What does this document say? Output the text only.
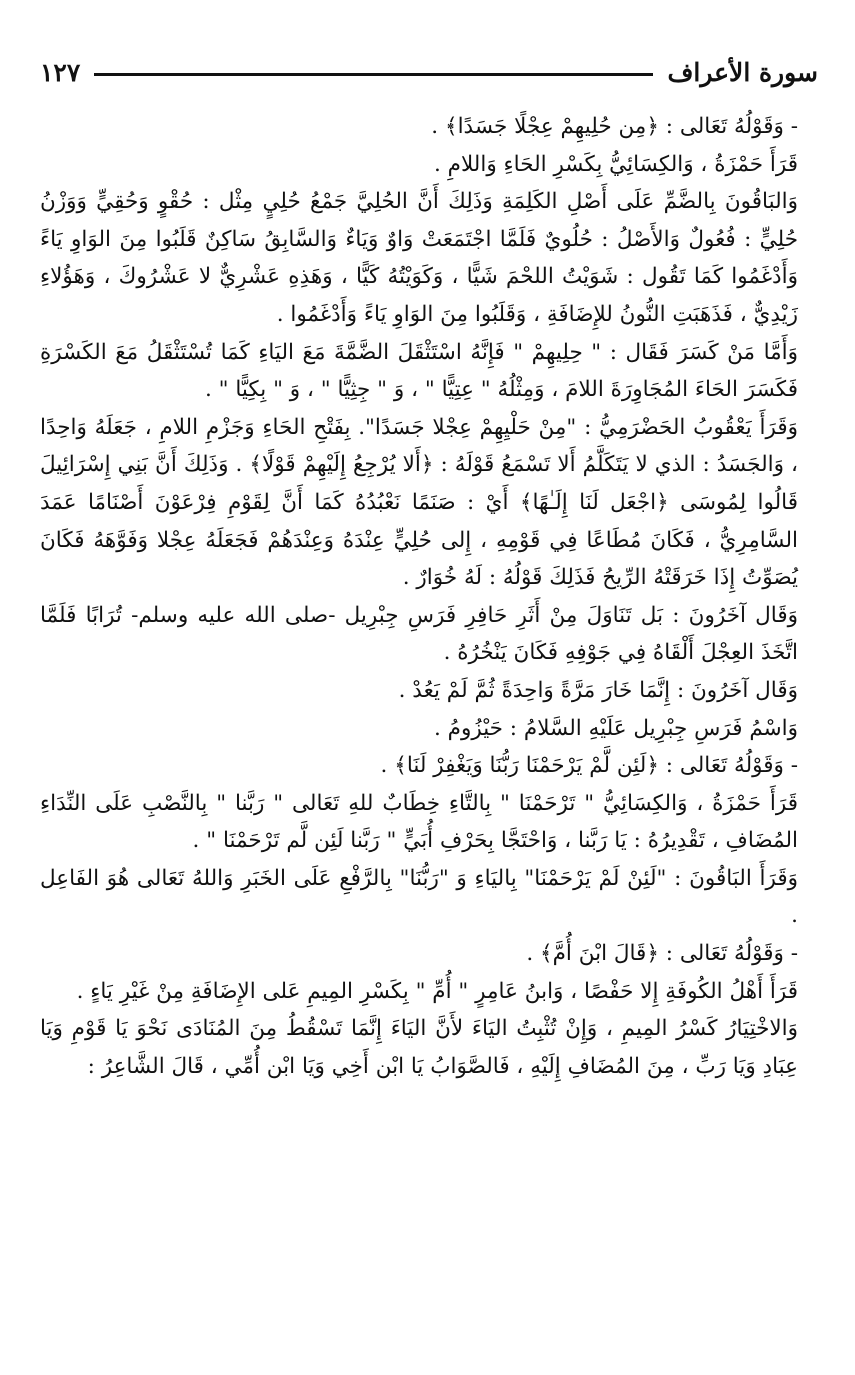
سورة الأعراف
١٢٧

- وَقَوْلُهُ تَعَالى : ﴿مِن حُلِيهِمْ عِجْلًا جَسَدًا﴾ .

قَرَأَ حَمْزَةُ ، وَالكِسَائِيُّ بِكَسْرِ الحَاءِ وَاللامِ .

وَالبَاقُونَ بِالضَّمِّ عَلَى أَصْلِ الكَلِمَةِ وَذَلِكَ أَنَّ الحُلِيَّ جَمْعُ حُلِيٍ مِثْل : حُقْوٍ وَحُقِيٍّ وَوَزْنُ حُلِيٍّ : فُعُولٌ وَالأَصْلُ : حُلُويٌ فَلَمَّا اجْتَمَعَتْ وَاوٌ وَيَاءٌ وَالسَّابِقُ سَاكِنٌ قَلَبُوا مِنَ الوَاوِ يَاءً وَأَدْغَمُوا كَمَا تَقُول : شَوَيْتُ اللحْمَ شَيًّا ، وَكَوَيْتُهُ كَيًّا ، وَهَذِهِ عَشْرِيٌّ لا عَشْرُوكَ ، وَهَؤُلاءِ زَيْدِيٌّ ، فَذَهَبَتِ النُّونُ للإِضَافَةِ ، وَقَلَبُوا مِنَ الوَاوِ يَاءً وَأَدْغَمُوا .

وَأَمَّا مَنْ كَسَرَ فَقَال : " حِلِيهِمْ " فَإِنَّهُ اسْتَثْقَلَ الضَّمَّةَ مَعَ اليَاءِ كَمَا تُسْتَثْقَلُ مَعَ الكَسْرَةِ فَكَسَرَ الحَاءَ المُجَاوِرَةَ اللامَ ، وَمِثْلُهُ " عِتِيًّا " ، وَ " جِثِيًّا " ، وَ " بِكِيًّا " .

وَقَرَأَ يَعْقُوبُ الحَضْرَمِيُّ : "مِنْ حَلْيِهِمْ عِجْلا جَسَدًا". بِفَتْحِ الحَاءِ وَجَزْمِ اللامِ ، جَعَلَهُ وَاحِدًا ، وَالجَسَدُ : الذي لا يَتَكَلَّمُ أَلا تَسْمَعُ قَوْلَهُ : ﴿أَلا يُرْجِعُ إِلَيْهِمْ قَوْلًا﴾ . وَذَلِكَ أَنَّ بَنِي إِسْرَائِيلَ قَالُوا لِمُوسَى ﴿اجْعَل لَنَا إِلَـٰهًا﴾ أَيْ : صَنَمًا نَعْبُدُهُ كَمَا أَنَّ لِقَوْمِ فِرْعَوْنَ أَصْنَامًا عَمَدَ السَّامِرِيُّ ، فَكَانَ مُطَاعًا فِي قَوْمِهِ ، إِلى حُلِيٍّ عِنْدَهُ وَعِنْدَهُمْ فَجَعَلَهُ عِجْلا وَفَوَّهَهُ فَكَانَ يُصَوِّتُ إِذَا خَرَقَتْهُ الرِّيحُ فَذَلِكَ قَوْلُهُ : لَهُ خُوَارٌ .

وَقَال آخَرُونَ : بَل تَنَاوَلَ مِنْ أَثَرِ حَافِرِ فَرَسِ جِبْرِيل -صلى الله عليه وسلم- تُرَابًا فَلَمَّا اتَّخَذَ العِجْلَ أَلْقَاهُ فِي جَوْفِهِ فَكَانَ يَنْخُرُهُ .

وَقَال آخَرُونَ : إِنَّمَا خَارَ مَرَّةً وَاحِدَةً ثُمَّ لَمْ يَعُدْ .

وَاسْمُ فَرَسِ جِبْرِيل عَلَيْهِ السَّلامُ : حَيْزُومُ .

- وَقَوْلُهُ تَعَالى : ﴿لَئِن لَّمْ يَرْحَمْنَا رَبُّنَا وَيَغْفِرْ لَنَا﴾ .

قَرَأَ حَمْزَةُ ، وَالكِسَائِيُّ " تَرْحَمْنَا " بِالتَّاءِ خِطَابٌ للهِ تَعَالى " رَبَّنا " بِالنَّصْبِ عَلَى النِّدَاءِ المُضَافِ ، تَقْدِيرُهُ : يَا رَبَّنا ، وَاحْتَجَّا بِحَرْفِ أُبَيٍّ " رَبَّنا لَئِن لَّم تَرْحَمْنَا " .

وَقَرَأَ البَاقُونَ : "لَئِنْ لَمْ يَرْحَمْنَا" بِاليَاءِ وَ "رَبُّنَا" بِالرَّفْعِ عَلَى الخَبَرِ وَاللهُ تَعَالى هُوَ الفَاعِل .

- وَقَوْلُهُ تَعَالى : ﴿قَالَ ابْنَ أُمَّ﴾ .

قَرَأَ أَهْلُ الكُوفَةِ إِلا حَفْصًا ، وَابنُ عَامِرٍ " أُمِّ " بِكَسْرِ المِيمِ عَلى الإِضَافَةِ مِنْ غَيْرِ يَاءٍ .

وَالاخْتِيَارُ كَسْرُ المِيمِ ، وَإِنْ تُثْبِتُ اليَاءَ لأَنَّ اليَاءَ إِنَّمَا تَسْقُطُ مِنَ المُنَادَى نَحْوَ يَا قَوْمِ وَيَا عِبَادِ وَيَا رَبِّ ، مِنَ المُضَافِ إِلَيْهِ ، فَالصَّوَابُ يَا ابْن أَخِي وَيَا ابْن أُمِّي ، قَالَ الشَّاعِرُ :
